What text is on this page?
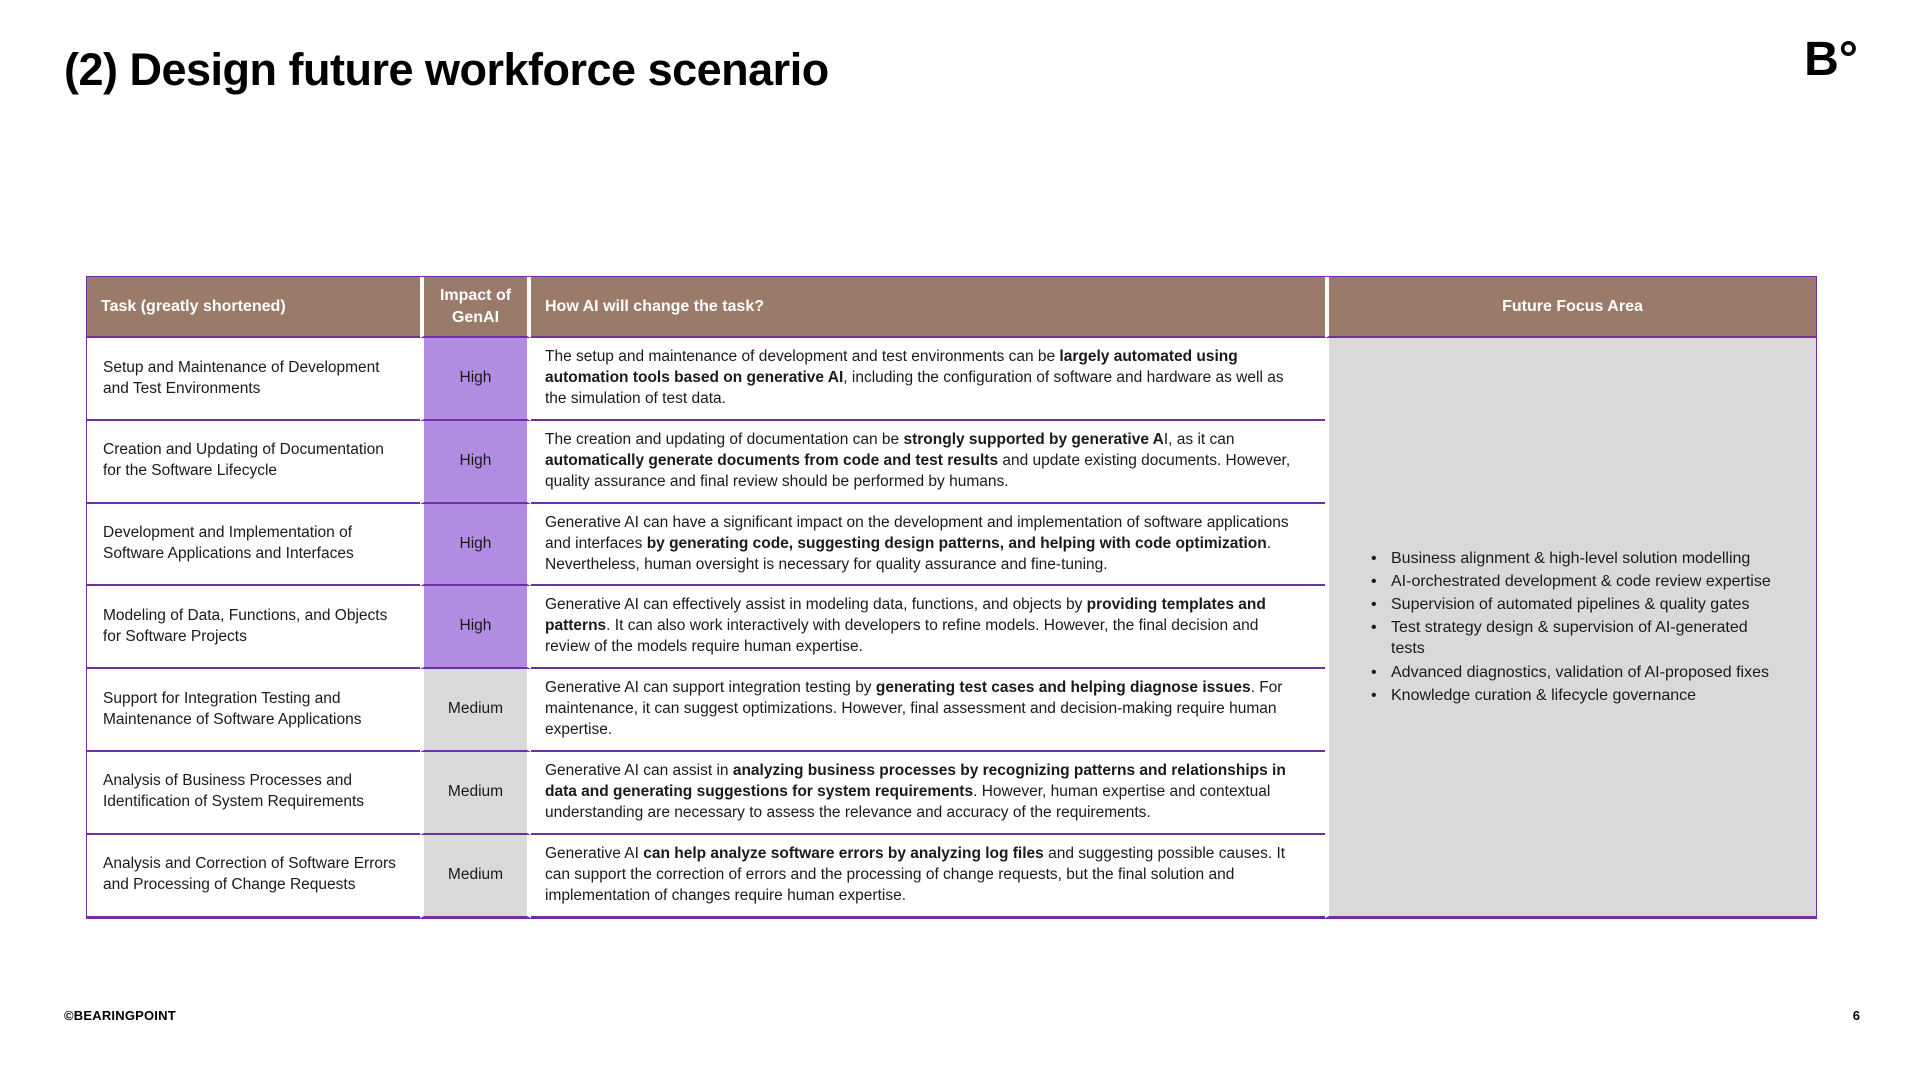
(2) Design future workforce scenario	B°
Task (greatly shortened)	Impact of GenAI	How AI will change the task?	Future Focus Area
Setup and Maintenance of Development and Test Environments	High	The setup and maintenance of development and test environments can be largely automated using automation tools based on generative AI, including the configuration of software and hardware as well as the simulation of test data.	
• Business alignment & high-level solution modelling
• AI-orchestrated development & code review expertise
• Supervision of automated pipelines & quality gates
• Test strategy design & supervision of AI-generated tests
• Advanced diagnostics, validation of AI-proposed fixes
• Knowledge curation & lifecycle governance

Creation and Updating of Documentation for the Software Lifecycle	High	The creation and updating of documentation can be strongly supported by generative AI, as it can automatically generate documents from code and test results and update existing documents. However, quality assurance and final review should be performed by humans.	
Development and Implementation of Software Applications and Interfaces	High	Generative AI can have a significant impact on the development and implementation of software applications and interfaces by generating code, suggesting design patterns, and helping with code optimization. Nevertheless, human oversight is necessary for quality assurance and fine-tuning.	
Modeling of Data, Functions, and Objects for Software Projects	High	Generative AI can effectively assist in modeling data, functions, and objects by providing templates and patterns. It can also work interactively with developers to refine models. However, the final decision and review of the models require human expertise.	
Support for Integration Testing and Maintenance of Software Applications	Medium	Generative AI can support integration testing by generating test cases and helping diagnose issues. For maintenance, it can suggest optimizations. However, final assessment and decision-making require human expertise.	
Analysis of Business Processes and Identification of System Requirements	Medium	Generative AI can assist in analyzing business processes by recognizing patterns and relationships in data and generating suggestions for system requirements. However, human expertise and contextual understanding are necessary to assess the relevance and accuracy of the requirements.	
Analysis and Correction of Software Errors and Processing of Change Requests	Medium	Generative AI can help analyze software errors by analyzing log files and suggesting possible causes. It can support the correction of errors and the processing of change requests, but the final solution and implementation of changes require human expertise.	
©BEARINGPOINT	6
